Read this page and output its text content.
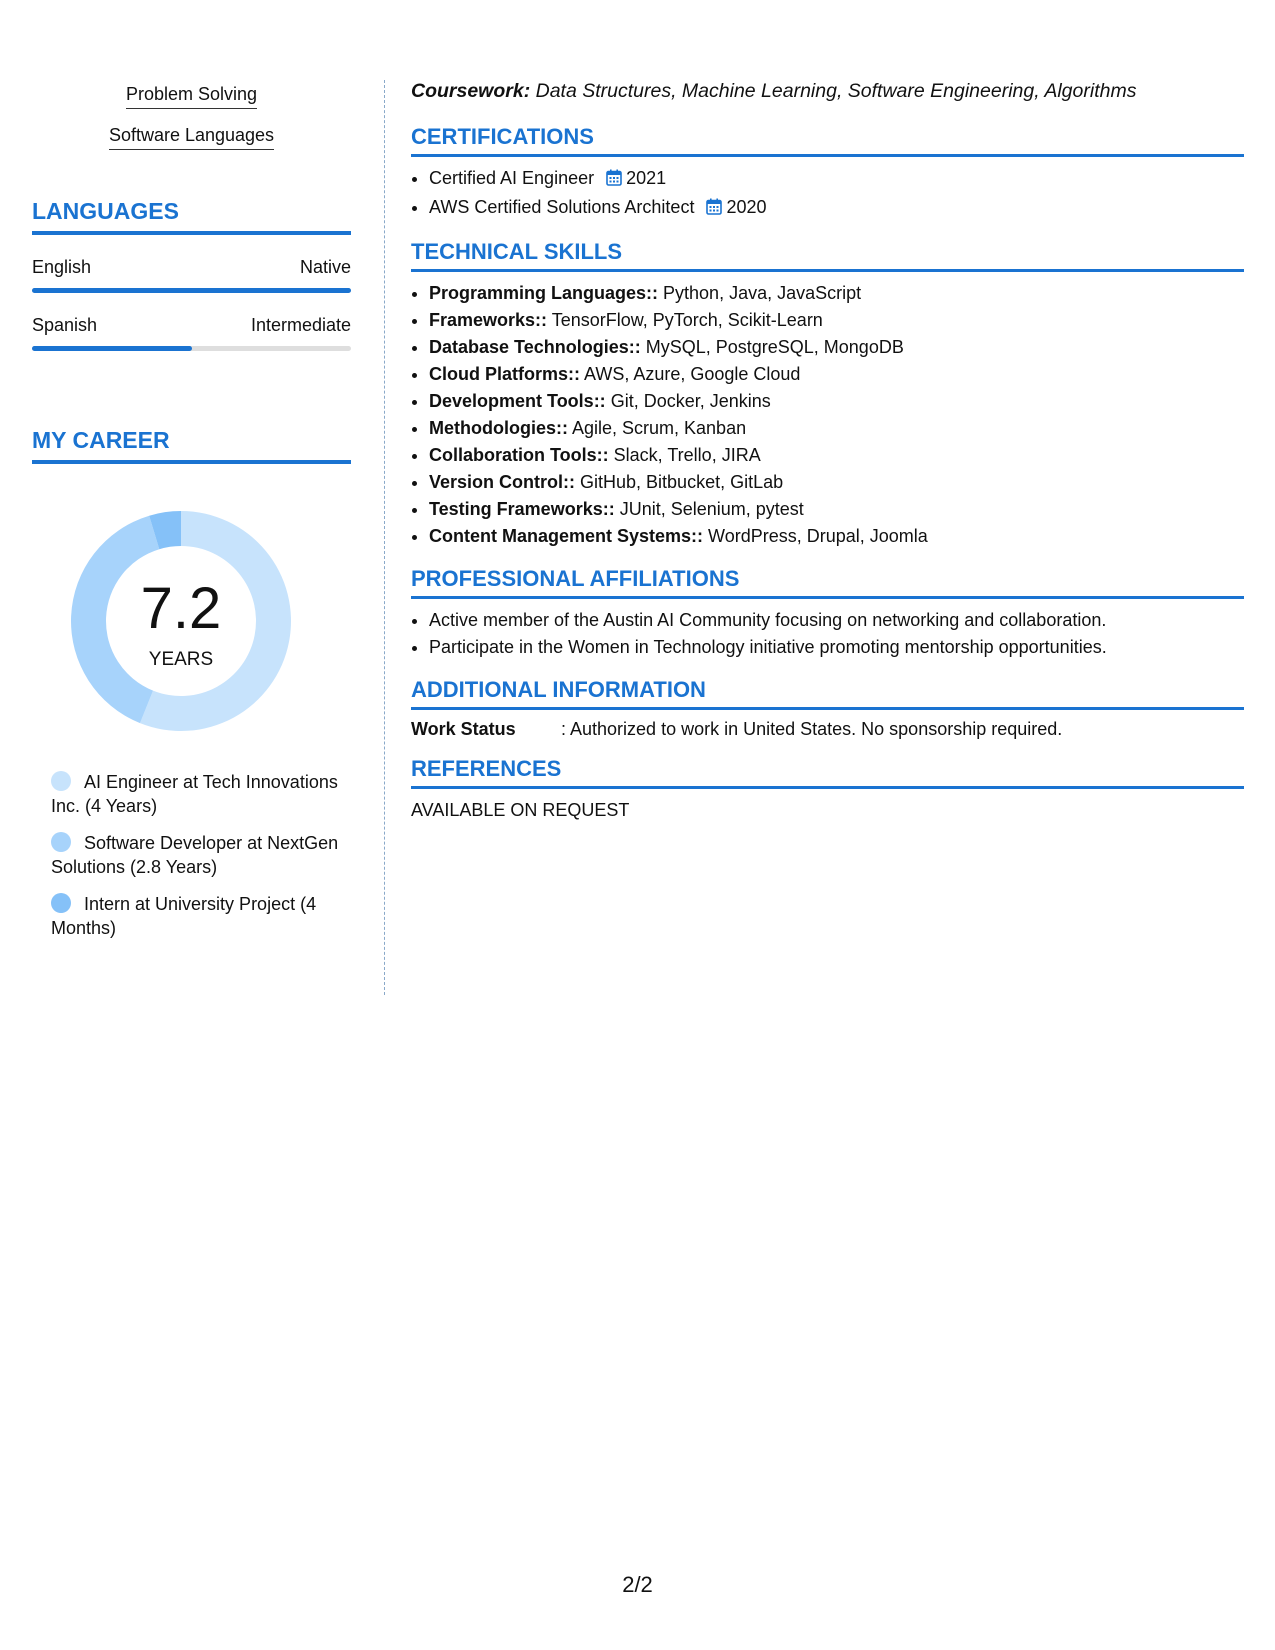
Problem Solving
Software Languages
LANGUAGES
English	Native
Spanish	Intermediate
MY CAREER
7.2
YEARS
AI Engineer at Tech Innovations Inc. (4 Years)
Software Developer at NextGen Solutions (2.8 Years)
Intern at University Project (4 Months)

Coursework: Data Structures, Machine Learning, Software Engineering, Algorithms

CERTIFICATIONS
• Certified AI Engineer 2021
• AWS Certified Solutions Architect 2020
TECHNICAL SKILLS
• Programming Languages:: Python, Java, JavaScript
• Frameworks:: TensorFlow, PyTorch, Scikit-Learn
• Database Technologies:: MySQL, PostgreSQL, MongoDB
• Cloud Platforms:: AWS, Azure, Google Cloud
• Development Tools:: Git, Docker, Jenkins
• Methodologies:: Agile, Scrum, Kanban
• Collaboration Tools:: Slack, Trello, JIRA
• Version Control:: GitHub, Bitbucket, GitLab
• Testing Frameworks:: JUnit, Selenium, pytest
• Content Management Systems:: WordPress, Drupal, Joomla
PROFESSIONAL AFFILIATIONS
• Active member of the Austin AI Community focusing on networking and collaboration.
• Participate in the Women in Technology initiative promoting mentorship opportunities.
ADDITIONAL INFORMATION
Work Status	: Authorized to work in United States. No sponsorship required.
REFERENCES
AVAILABLE ON REQUEST
2/2
